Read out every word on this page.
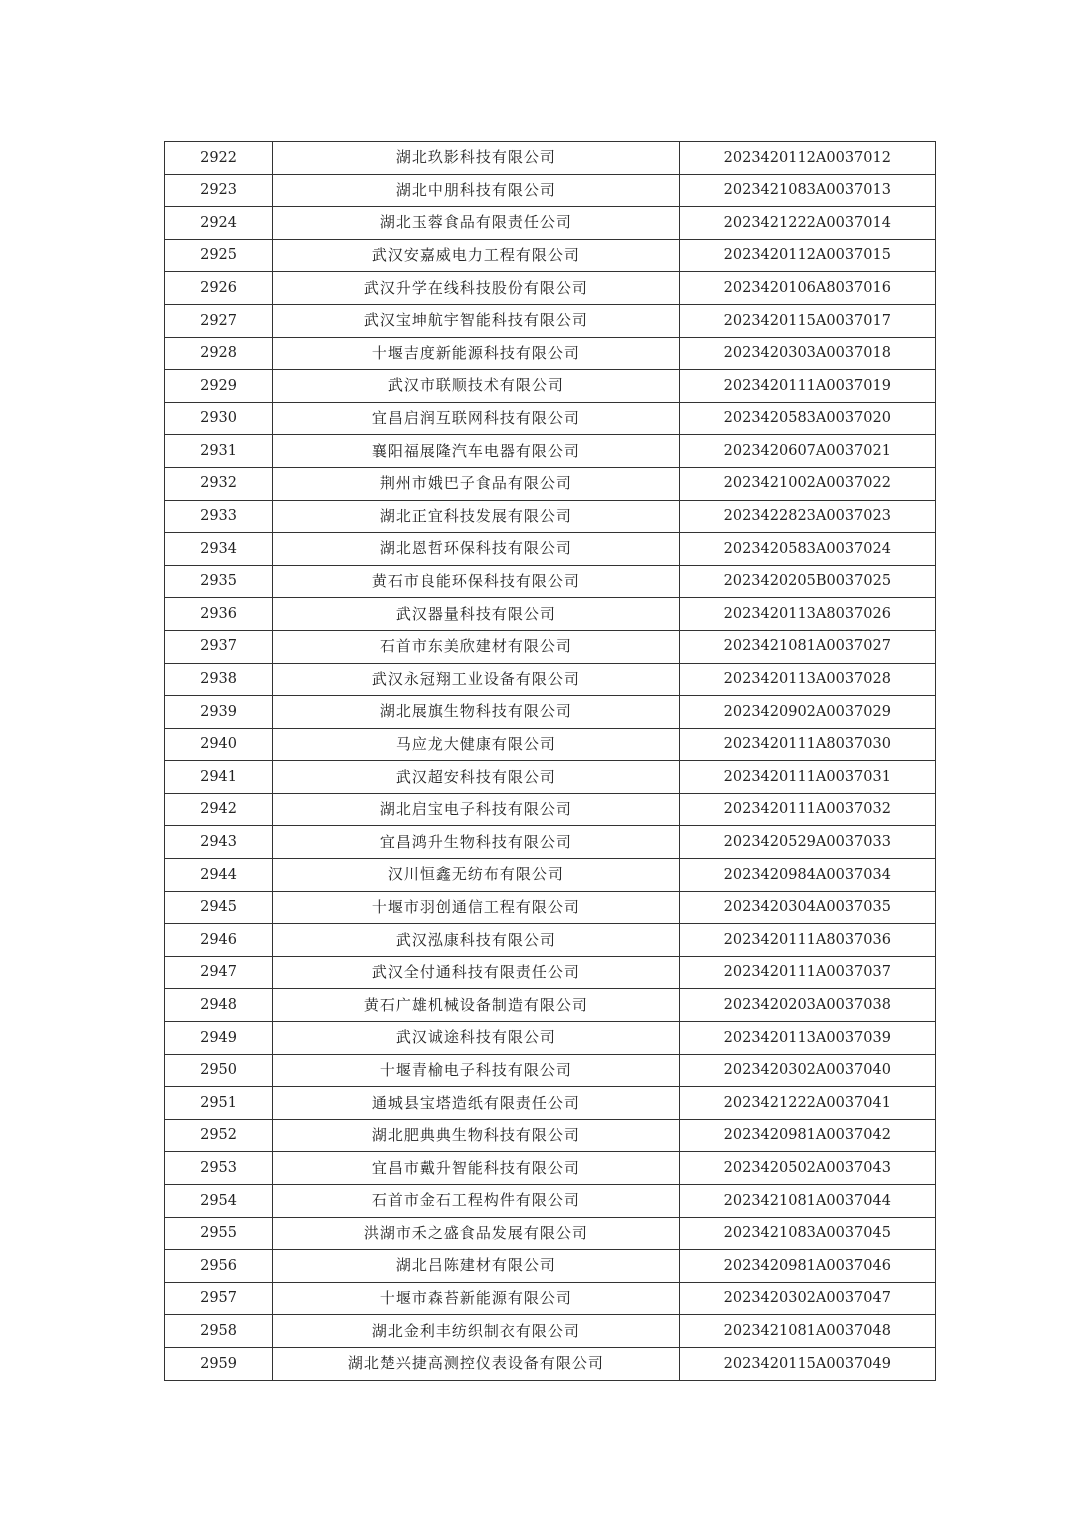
2922	湖北玖影科技有限公司	2023420112A0037012
2923	湖北中朋科技有限公司	2023421083A0037013
2924	湖北玉蓉食品有限责任公司	2023421222A0037014
2925	武汉安嘉威电力工程有限公司	2023420112A0037015
2926	武汉升学在线科技股份有限公司	2023420106A8037016
2927	武汉宝坤航宇智能科技有限公司	2023420115A0037017
2928	十堰吉度新能源科技有限公司	2023420303A0037018
2929	武汉市联顺技术有限公司	2023420111A0037019
2930	宜昌启润互联网科技有限公司	2023420583A0037020
2931	襄阳福展隆汽车电器有限公司	2023420607A0037021
2932	荆州市娥巴子食品有限公司	2023421002A0037022
2933	湖北正宜科技发展有限公司	2023422823A0037023
2934	湖北恩哲环保科技有限公司	2023420583A0037024
2935	黄石市良能环保科技有限公司	2023420205B0037025
2936	武汉器量科技有限公司	2023420113A8037026
2937	石首市东美欣建材有限公司	2023421081A0037027
2938	武汉永冠翔工业设备有限公司	2023420113A0037028
2939	湖北展旗生物科技有限公司	2023420902A0037029
2940	马应龙大健康有限公司	2023420111A8037030
2941	武汉超安科技有限公司	2023420111A0037031
2942	湖北启宝电子科技有限公司	2023420111A0037032
2943	宜昌鸿升生物科技有限公司	2023420529A0037033
2944	汉川恒鑫无纺布有限公司	2023420984A0037034
2945	十堰市羽创通信工程有限公司	2023420304A0037035
2946	武汉泓康科技有限公司	2023420111A8037036
2947	武汉全付通科技有限责任公司	2023420111A0037037
2948	黄石广雄机械设备制造有限公司	2023420203A0037038
2949	武汉诚途科技有限公司	2023420113A0037039
2950	十堰青榆电子科技有限公司	2023420302A0037040
2951	通城县宝塔造纸有限责任公司	2023421222A0037041
2952	湖北肥典典生物科技有限公司	2023420981A0037042
2953	宜昌市戴升智能科技有限公司	2023420502A0037043
2954	石首市金石工程构件有限公司	2023421081A0037044
2955	洪湖市禾之盛食品发展有限公司	2023421083A0037045
2956	湖北吕陈建材有限公司	2023420981A0037046
2957	十堰市森苔新能源有限公司	2023420302A0037047
2958	湖北金利丰纺织制衣有限公司	2023421081A0037048
2959	湖北楚兴捷高测控仪表设备有限公司	2023420115A0037049
